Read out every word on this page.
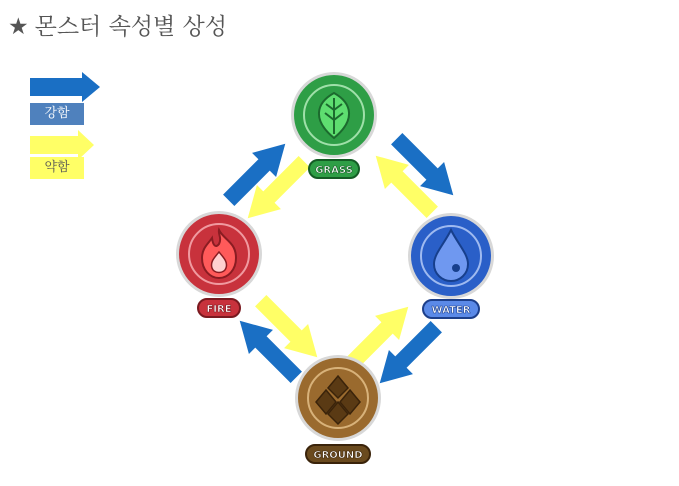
★ 몬스터 속성별 상성
강함
약함	GRASS
FIRE	WATER
GROUND
